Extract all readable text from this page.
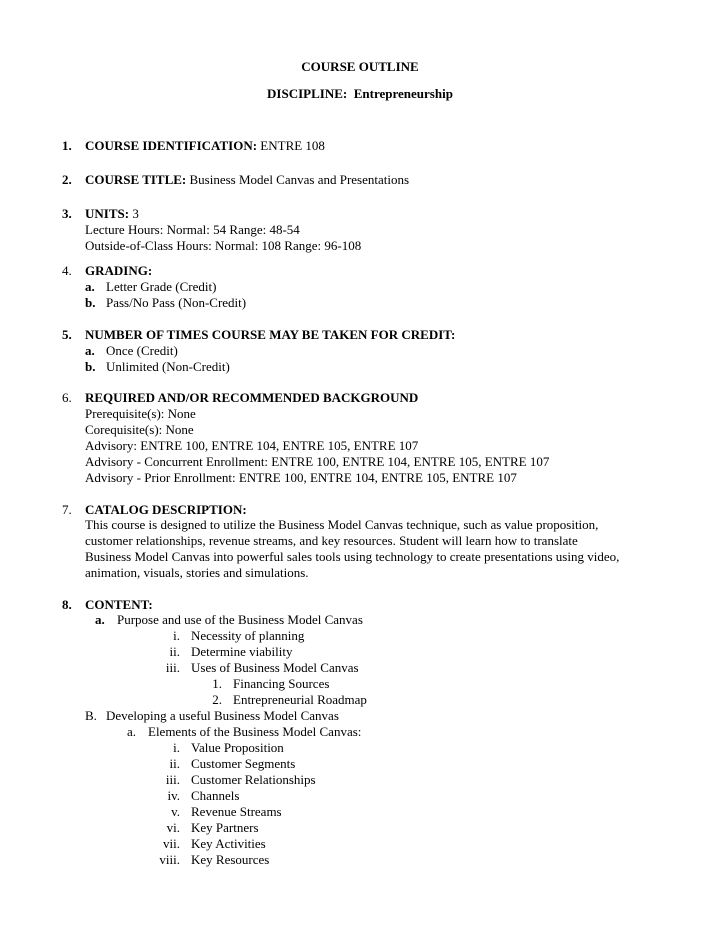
COURSE OUTLINE
DISCIPLINE: Entrepreneurship
1. COURSE IDENTIFICATION: ENTRE 108
2. COURSE TITLE: Business Model Canvas and Presentations
3. UNITS: 3
Lecture Hours: Normal: 54 Range: 48-54
Outside-of-Class Hours: Normal: 108 Range: 96-108
4. GRADING:
a. Letter Grade (Credit)
b. Pass/No Pass (Non-Credit)
5. NUMBER OF TIMES COURSE MAY BE TAKEN FOR CREDIT:
a. Once (Credit)
b. Unlimited (Non-Credit)
6. REQUIRED AND/OR RECOMMENDED BACKGROUND
Prerequisite(s): None
Corequisite(s): None
Advisory: ENTRE 100, ENTRE 104, ENTRE 105, ENTRE 107
Advisory - Concurrent Enrollment: ENTRE 100, ENTRE 104, ENTRE 105, ENTRE 107
Advisory - Prior Enrollment: ENTRE 100, ENTRE 104, ENTRE 105, ENTRE 107
7. CATALOG DESCRIPTION:
This course is designed to utilize the Business Model Canvas technique, such as value proposition,
customer relationships, revenue streams, and key resources. Student will learn how to translate
Business Model Canvas into powerful sales tools using technology to create presentations using video,
animation, visuals, stories and simulations.
8. CONTENT:
a. Purpose and use of the Business Model Canvas
i. Necessity of planning
ii. Determine viability
iii. Uses of Business Model Canvas
1. Financing Sources
2. Entrepreneurial Roadmap
B. Developing a useful Business Model Canvas
a. Elements of the Business Model Canvas:
i. Value Proposition
ii. Customer Segments
iii. Customer Relationships
iv. Channels
v. Revenue Streams
vi. Key Partners
vii. Key Activities
viii. Key Resources
